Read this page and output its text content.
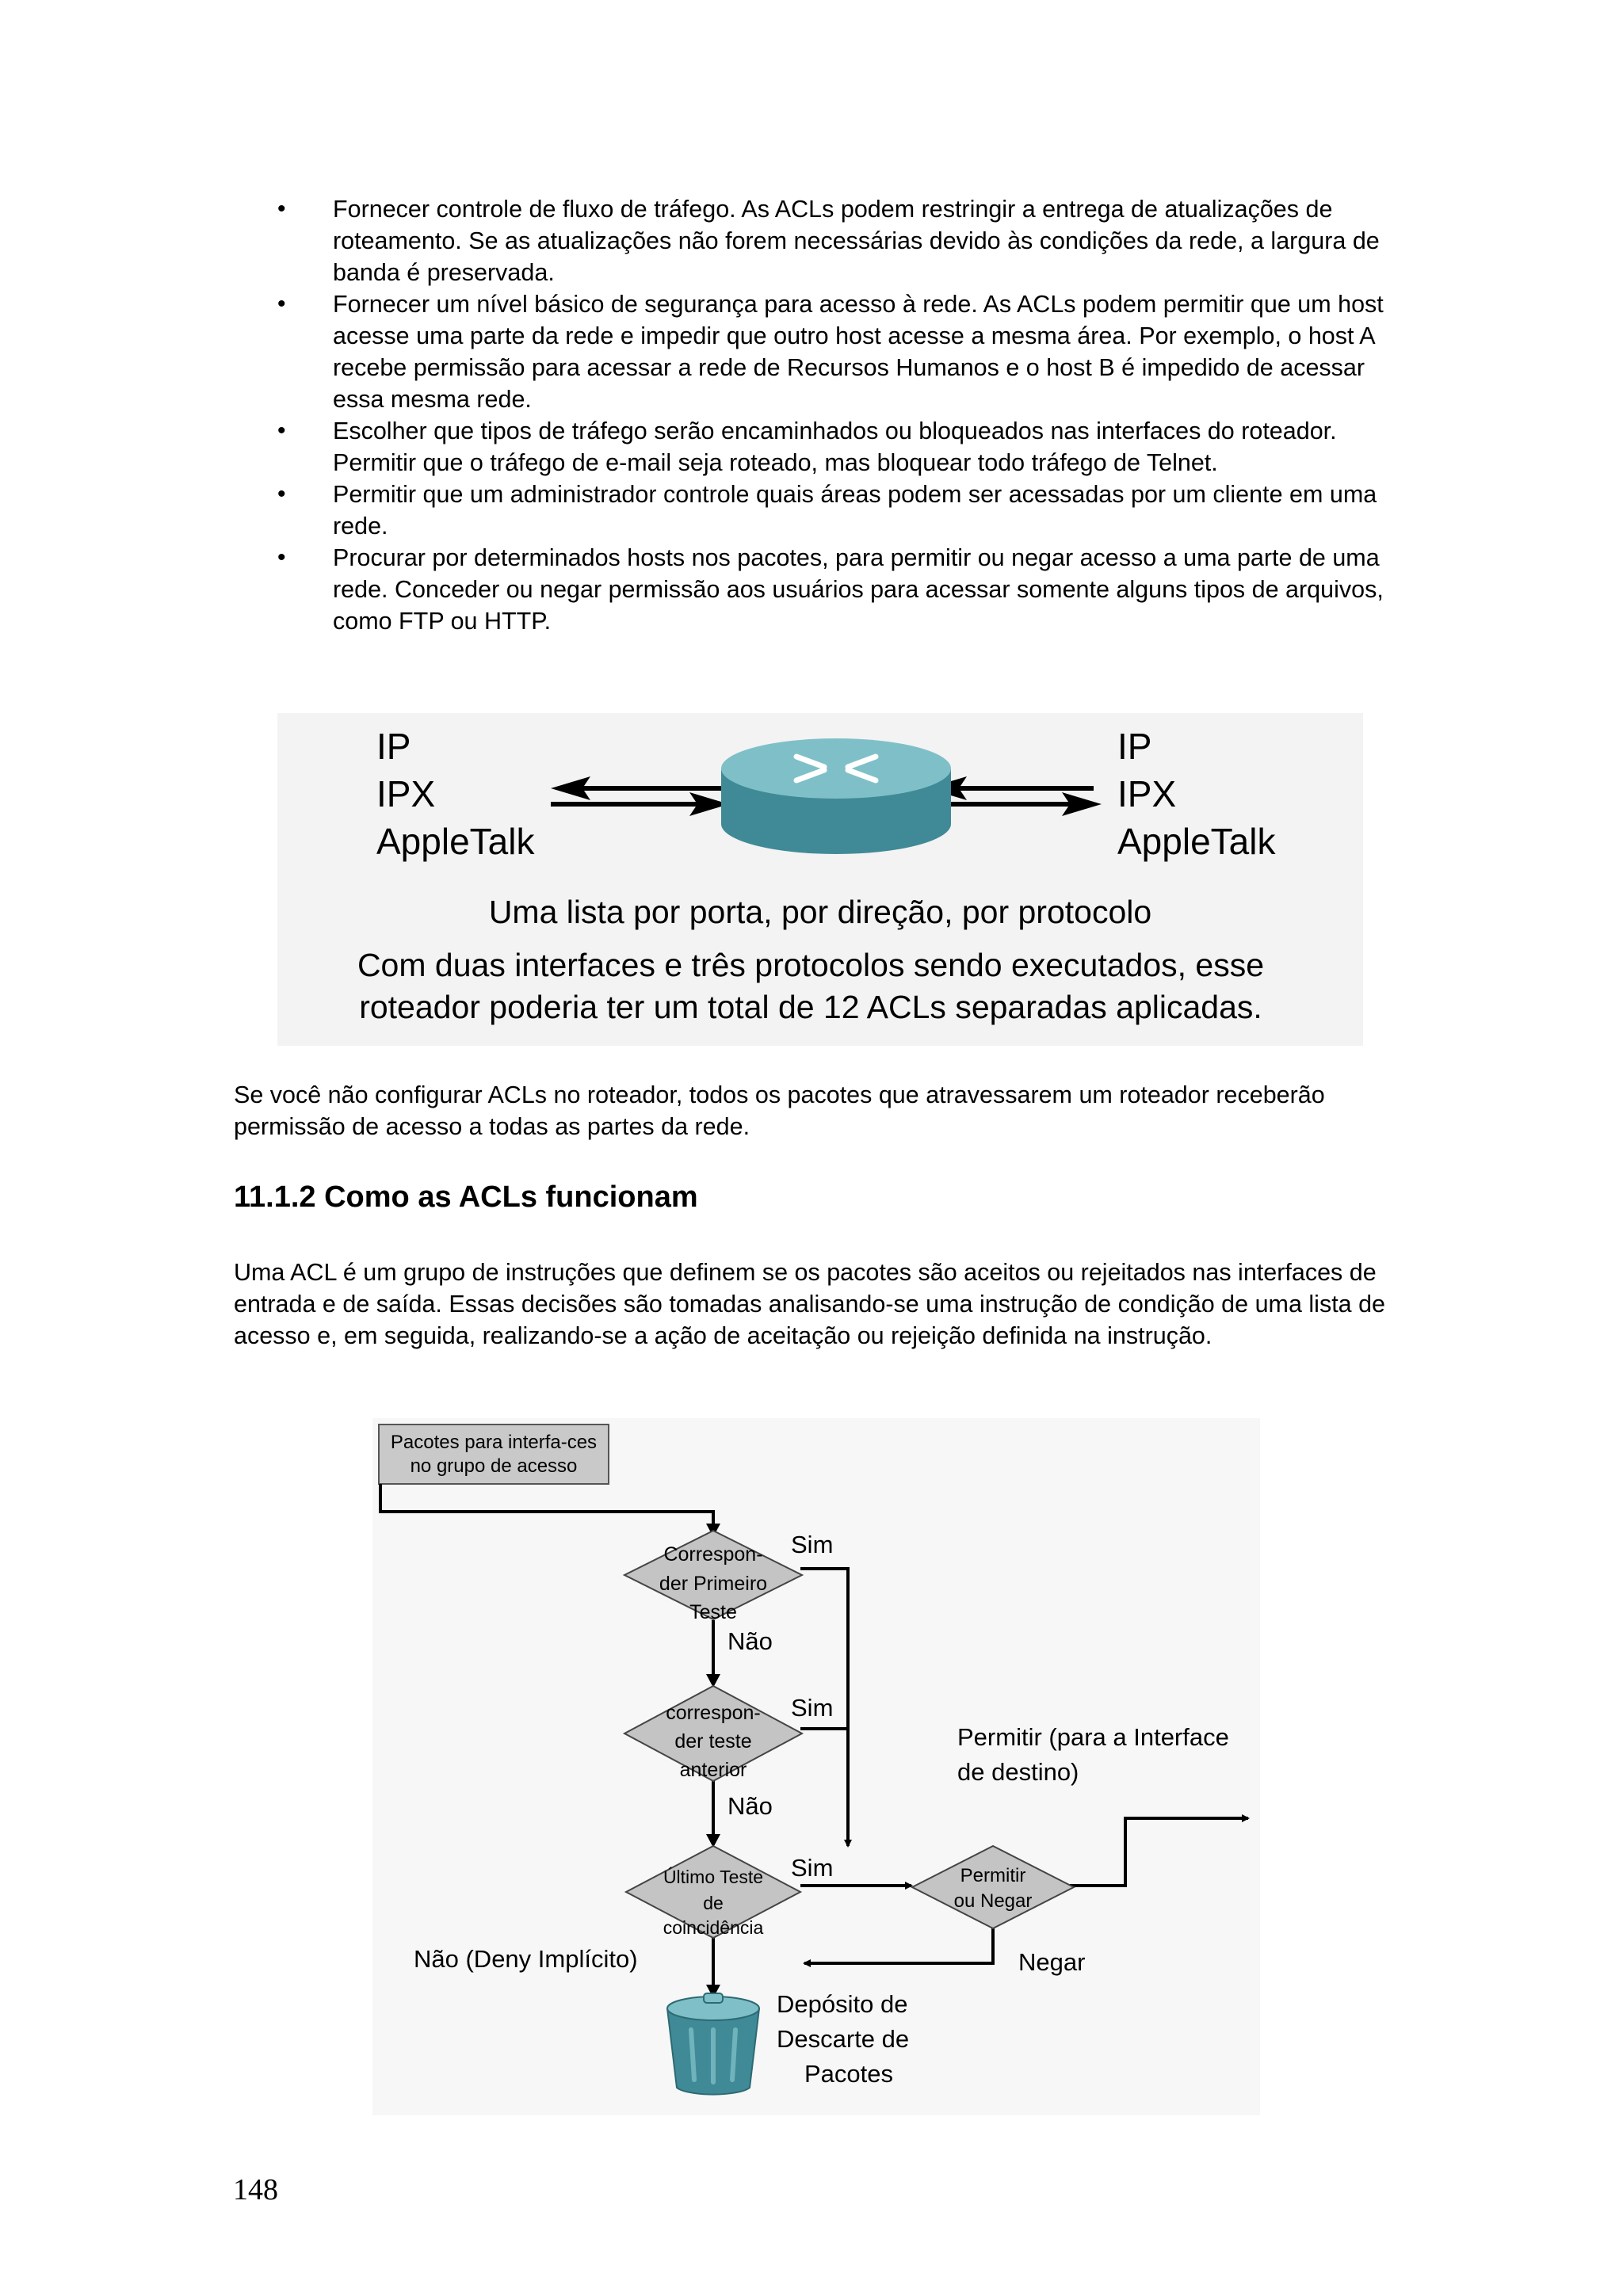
•	Fornecer controle de fluxo de tráfego. As ACLs podem restringir a entrega de atualizações de roteamento. Se as atualizações não forem necessárias devido às condições da rede, a largura de banda é preservada.
•	Fornecer um nível básico de segurança para acesso à rede. As ACLs podem permitir que um host acesse uma parte da rede e impedir que outro host acesse a mesma área. Por exemplo, o host A recebe permissão para acessar a rede de Recursos Humanos e o host B é impedido de acessar essa mesma rede.
•	Escolher que tipos de tráfego serão encaminhados ou bloqueados nas interfaces do roteador. Permitir que o tráfego de e-mail seja roteado, mas bloquear todo tráfego de Telnet.
•	Permitir que um administrador controle quais áreas podem ser acessadas por um cliente em uma rede.
•	Procurar por determinados hosts nos pacotes, para permitir ou negar acesso a uma parte de uma rede. Conceder ou negar permissão aos usuários para acessar somente alguns tipos de arquivos, como FTP ou HTTP.
IP
IPX
AppleTalk
IP
IPX
AppleTalk
Uma lista por porta, por direção, por protocolo
Com duas interfaces e três protocolos sendo executados, esse
roteador poderia ter um total de 12 ACLs separadas aplicadas.

Se você não configurar ACLs no roteador, todos os pacotes que atravessarem um roteador receberão permissão de acesso a todas as partes da rede.

11.1.2 Como as ACLs funcionam

Uma ACL é um grupo de instruções que definem se os pacotes são aceitos ou rejeitados nas interfaces de entrada e de saída. Essas decisões são tomadas analisando-se uma instrução de condição de uma lista de acesso e, em seguida, realizando-se a ação de aceitação ou rejeição definida na instrução.

Pacotes para interfa-ces
no grupo de acesso
Correspon-
der Primeiro
Teste
correspon-
der teste
anterior
Último Teste
de
coincidência
Permitir
ou Negar
Sim
Não
Sim
Não
Sim
Permitir (para a Interface
de destino)
Não (Deny Implícito)	Negar
Depósito de
Descarte de
Pacotes
148
